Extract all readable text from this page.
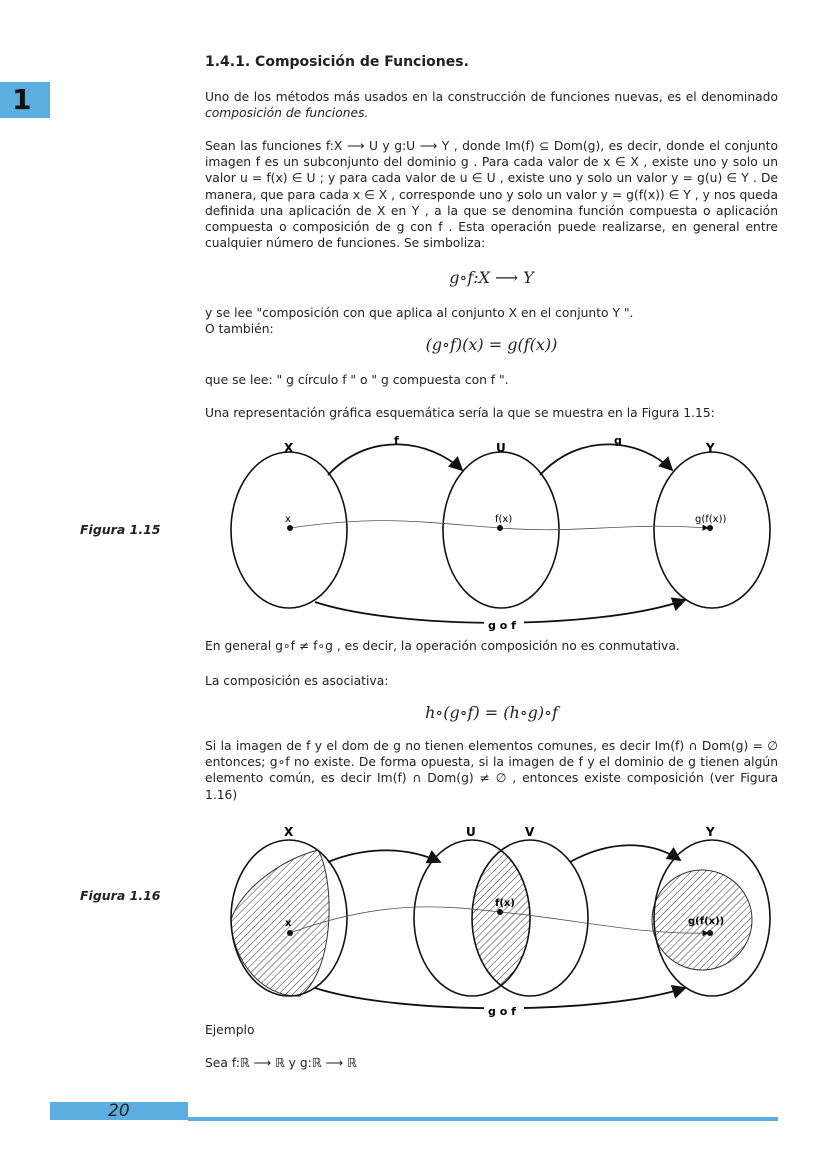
1
1.4.1. Composición de Funciones.
Uno de los métodos más usados en la construcción de funciones nuevas, es el denominado composición de funciones.
Sean las funciones f:X ⟶ U y g:U ⟶ Y , donde Im(f) ⊆ Dom(g), es decir, donde el conjunto imagen f es un subconjunto del dominio g . Para cada valor de x ∈ X , existe uno y solo un valor u = f(x) ∈ U ; y para cada valor de u ∈ U , existe uno y solo un valor y = g(u) ∈ Y . De manera, que para cada x ∈ X , corresponde uno y solo un valor y = g(f(x)) ∈ Y , y nos queda definida una aplicación de X en Y , a la que se denomina función compuesta o aplicación compuesta o composición de g con f . Esta operación puede realizarse, en general entre cualquier número de funciones. Se simboliza:
g∘f:X ⟶ Y
y se lee "composición con que aplica al conjunto X en el conjunto Y ".
O también:
(g∘f)(x) = g(f(x))
que se lee: " g círculo f " o " g compuesta con f ".
Una representación gráfica esquemática sería la que se muestra en la Figura 1.15:
Figura 1.15
X	U	Y
f	g
g o f
x	f(x)	g(f(x))
En general g∘f ≠ f∘g , es decir, la operación composición no es conmutativa.
La composición es asociativa:
h∘(g∘f) = (h∘g)∘f
Si la imagen de f y el dom de g no tienen elementos comunes, es decir Im(f) ∩ Dom(g) = ∅ entonces; g∘f no existe. De forma opuesta, si la imagen de f y el dominio de g tienen algún elemento común, es decir Im(f) ∩ Dom(g) ≠ ∅ , entonces existe composición (ver Figura 1.16)
Figura 1.16
X	U	V	Y
g o f
x
f(x)
g(f(x))
Ejemplo
Sea f:ℝ ⟶ ℝ y g:ℝ ⟶ ℝ
20
